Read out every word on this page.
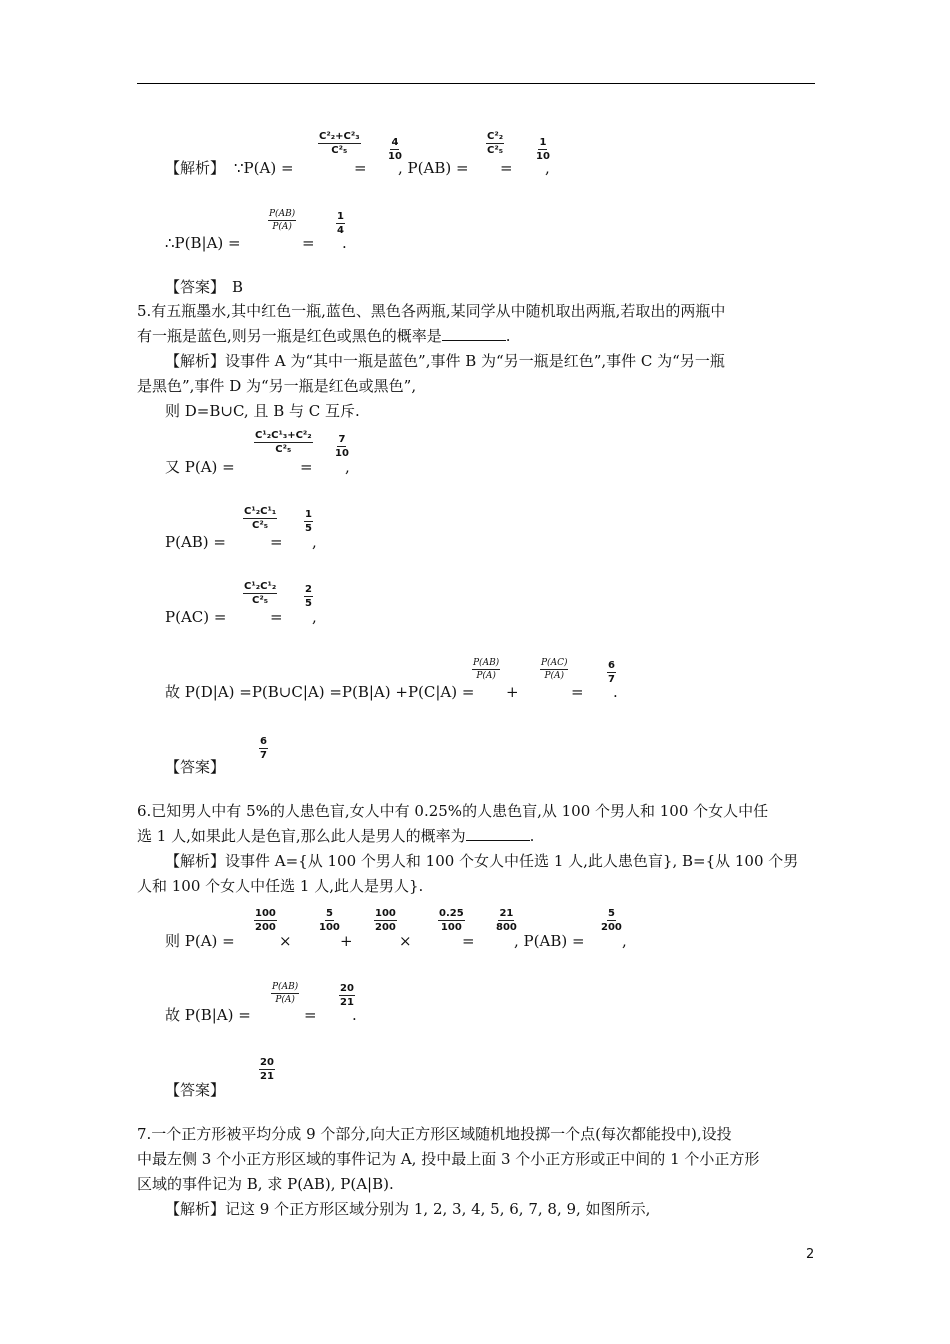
【解析】 ∵P(A) =
$\frac{\text{C²₂+C²₃}}{\text{C²₅}}$
=
$\frac{4}{10}$
, P(AB) =
$\frac{\text{C²₂}}{\text{C²₅}}$
=
$\frac{1}{10}$
,
∴P(B|A) =
$\frac{P(AB)}{P(A)}$
=
$\frac{1}{4}$
.
【答案】 B
5.有五瓶墨水,其中红色一瓶,蓝色、黑色各两瓶,某同学从中随机取出两瓶,若取出的两瓶中
有一瓶是蓝色,则另一瓶是红色或黑色的概率是	.
【解析】设事件 A 为“其中一瓶是蓝色”,事件 B 为“另一瓶是红色”,事件 C 为“另一瓶
是黑色”,事件 D 为“另一瓶是红色或黑色”,
则 D=B∪C, 且 B 与 C 互斥.
又 P(A) =
$\frac{\text{C¹₂C¹₃+C²₂}}{\text{C²₅}}$
=
$\frac{7}{10}$
,
P(AB) =
$\frac{\text{C¹₂C¹₁}}{\text{C²₅}}$
=
$\frac{1}{5}$
,
P(AC) =
$\frac{\text{C¹₂C¹₂}}{\text{C²₅}}$
=
$\frac{2}{5}$
,
故 P(D|A) =P(B∪C|A) =P(B|A) +P(C|A) =
$\frac{P(AB)}{P(A)}$
+
$\frac{P(AC)}{P(A)}$
=
$\frac{6}{7}$
.
【答案】
$\frac{6}{7}$
6.已知男人中有 5%的人患色盲,女人中有 0.25%的人患色盲,从 100 个男人和 100 个女人中任
选 1 人,如果此人是色盲,那么此人是男人的概率为	.
【解析】设事件 A={从 100 个男人和 100 个女人中任选 1 人,此人患色盲}, B={从 100 个男
人和 100 个女人中任选 1 人,此人是男人}.
则 P(A) =
$\frac{100}{200}$
×
$\frac{5}{100}$
+
$\frac{100}{200}$
×
$\frac{0.25}{100}$
=
$\frac{21}{800}$
, P(AB) =
$\frac{5}{200}$
,
故 P(B|A) =
$\frac{P(AB)}{P(A)}$
=
$\frac{20}{21}$
.
【答案】
$\frac{20}{21}$
7.一个正方形被平均分成 9 个部分,向大正方形区域随机地投掷一个点(每次都能投中),设投
中最左侧 3 个小正方形区域的事件记为 A, 投中最上面 3 个小正方形或正中间的 1 个小正方形
区域的事件记为 B, 求 P(AB), P(A|B).
【解析】记这 9 个正方形区域分别为 1, 2, 3, 4, 5, 6, 7, 8, 9, 如图所示,
2
